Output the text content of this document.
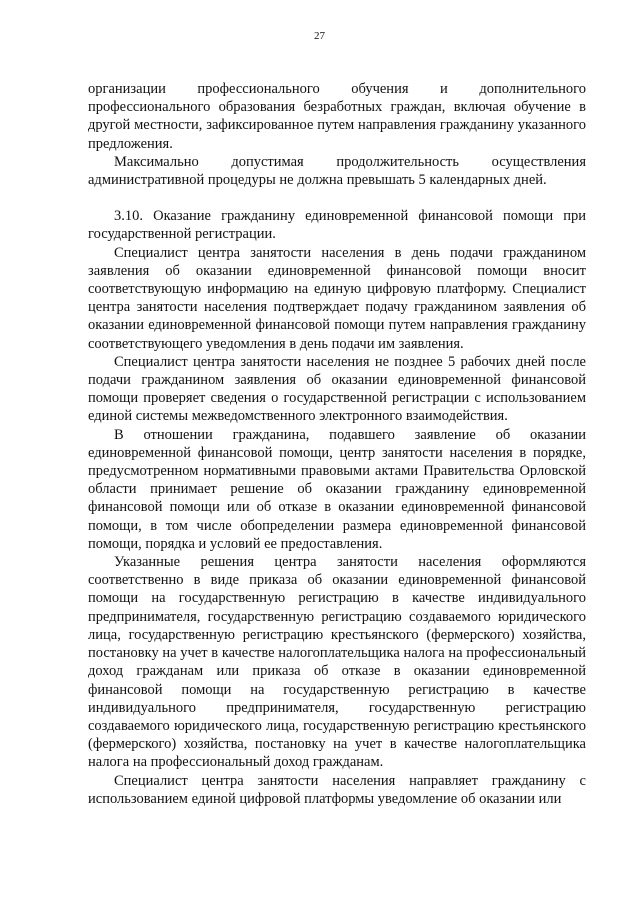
27

организации профессионального обучения и дополнительного профессионального образования безработных граждан, включая обучение в другой местности, зафиксированное путем направления гражданину указанного предложения.

Максимально допустимая продолжительность осуществления административной процедуры не должна превышать 5 календарных дней.

3.10. Оказание гражданину единовременной финансовой помощи при государственной регистрации.

Специалист центра занятости населения в день подачи гражданином заявления об оказании единовременной финансовой помощи вносит соответствующую информацию на единую цифровую платформу. Специалист центра занятости населения подтверждает подачу гражданином заявления об оказании единовременной финансовой помощи путем направления гражданину соответствующего уведомления в день подачи им заявления.

Специалист центра занятости населения не позднее 5 рабочих дней после подачи гражданином заявления об оказании единовременной финансовой помощи проверяет сведения о государственной регистрации с использованием единой системы межведомственного электронного взаимодействия.

В отношении гражданина, подавшего заявление об оказании единовременной финансовой помощи, центр занятости населения в порядке, предусмотренном нормативными правовыми актами Правительства Орловской области принимает решение об оказании гражданину единовременной финансовой помощи или об отказе в оказании единовременной финансовой помощи, в том числе обопределении размера единовременной финансовой помощи, порядка и условий ее предоставления.

Указанные решения центра занятости населения оформляются соответственно в виде приказа об оказании единовременной финансовой помощи на государственную регистрацию в качестве индивидуального предпринимателя, государственную регистрацию создаваемого юридического лица, государственную регистрацию крестьянского (фермерского) хозяйства, постановку на учет в качестве налогоплательщика налога на профессиональный доход гражданам или приказа об отказе в оказании единовременной финансовой помощи на государственную регистрацию в качестве индивидуального предпринимателя, государственную регистрацию создаваемого юридического лица, государственную регистрацию крестьянского (фермерского) хозяйства, постановку на учет в качестве налогоплательщика налога на профессиональный доход гражданам.

Специалист центра занятости населения направляет гражданину с использованием единой цифровой платформы уведомление об оказании или
